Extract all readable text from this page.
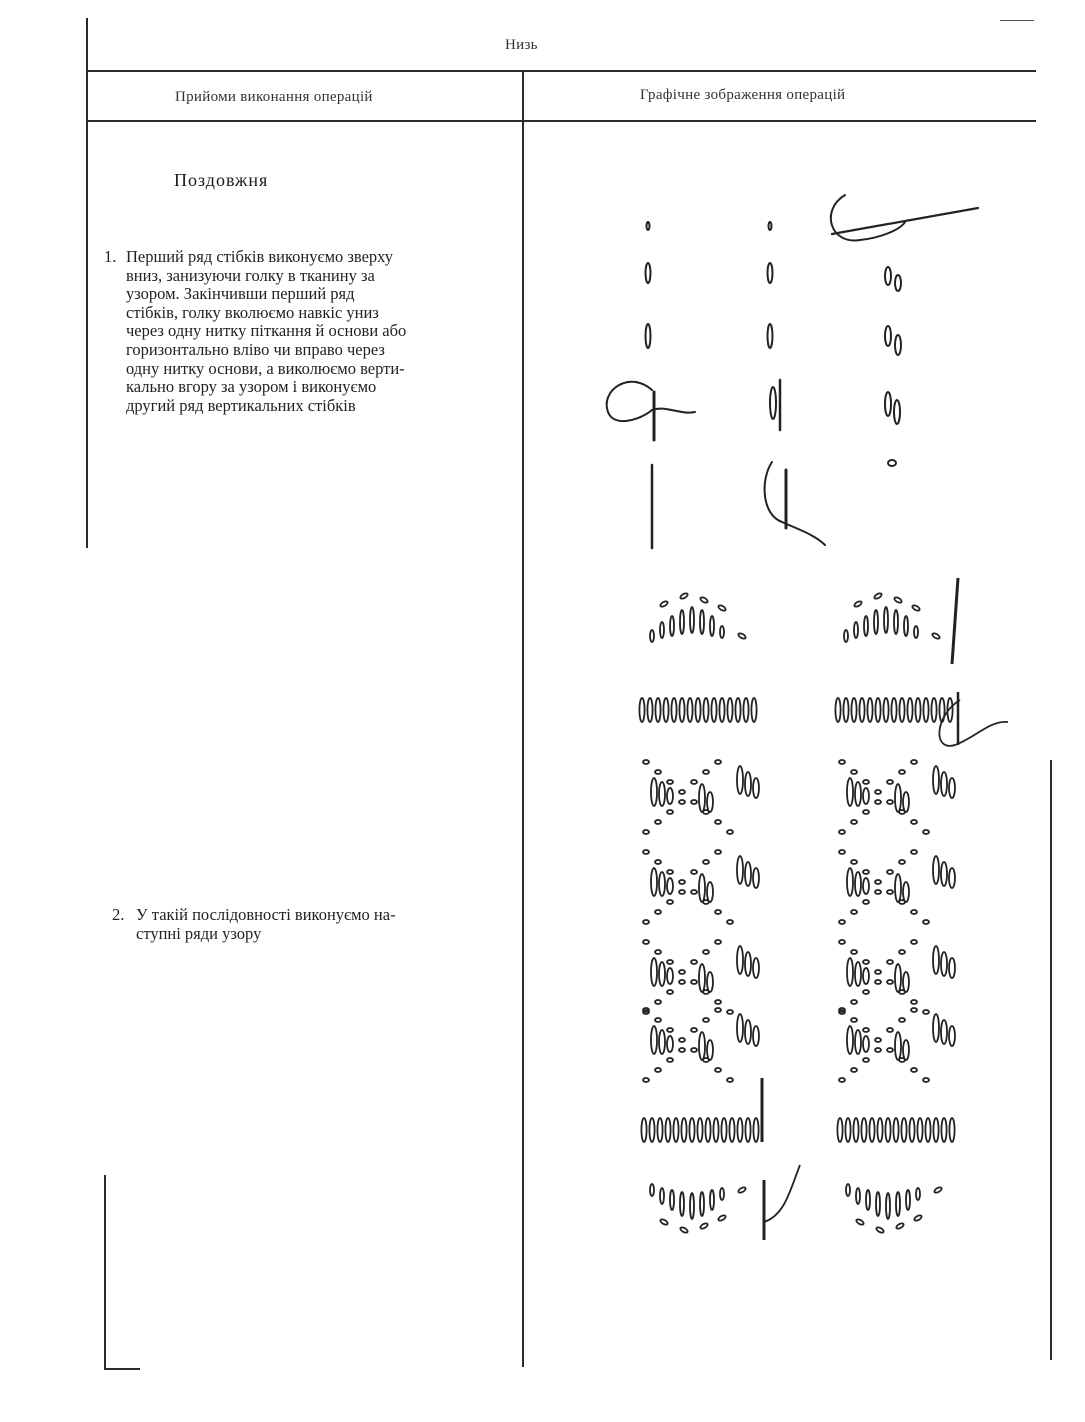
Низь
Прийоми виконання операцій	Графічне зображення операцій
Поздовжня
1. Перший ряд стібків виконуємо зверху
вниз, занизуючи голку в тканину за
узором. Закінчивши перший ряд
стібків, голку вколюємо навкіс униз
через одну нитку піткання й основи або
горизонтально вліво чи вправо через
одну нитку основи, а виколюємо верти-
кально вгору за узором і виконуємо
другий ряд вертикальних стібків
2. У такій послідовності виконуємо на-
ступні ряди узору
